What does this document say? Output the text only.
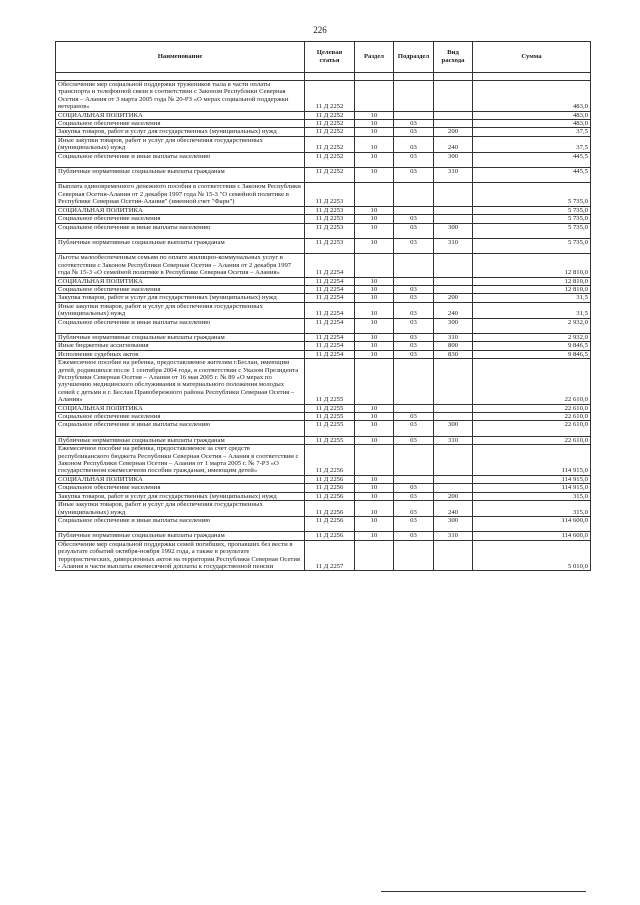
226
Наименование	Целевая статья	Раздел	Подраздел	Вид расхода	Сумма

Обеспечение мер социальной поддержки тружеников тыла в части оплаты транспорта и телефонной связи в соответствии с Законом Республики Северная Осетия – Алания от 3 марта 2005 года № 20-РЗ «О мерах социальной поддержки ветеранов»	11 Д 2252				483,0
СОЦИАЛЬНАЯ ПОЛИТИКА	11 Д 2252	10			483,0
Социальное обеспечение населения	11 Д 2252	10	03		483,0
Закупка товаров, работ и услуг для государственных (муниципальных) нужд	11 Д 2252	10	03	200	37,5
Иные закупки товаров, работ и услуг для обеспечения государственных (муниципальных) нужд	11 Д 2252	10	03	240	37,5
Социальное обеспечение и иные выплаты населению	11 Д 2252	10	03	300	445,5

Публичные нормативные социальные выплаты гражданам	11 Д 2252	10	03	310	445,5

Выплата единовременного денежного пособия в соответствии с Законом Республики Северная Осетия-Алания от 2 декабря 1997 года № 15-3 "О семейной политике в Республике Северная Осетия-Алания" (именной счет "Фарн")	11 Д 2253				5 735,0
СОЦИАЛЬНАЯ ПОЛИТИКА	11 Д 2253	10			5 735,0
Социальное обеспечение населения	11 Д 2253	10	03		5 735,0
Социальное обеспечение и иные выплаты населению	11 Д 2253	10	03	300	5 735,0

Публичные нормативные социальные выплаты гражданам	11 Д 2253	10	03	310	5 735,0

Льготы малообеспеченным семьям по оплате жилищно-коммунальных услуг в соответствии с Законом Республики Северная Осетия – Алания от 2 декабря 1997 года № 15-3 «О семейной политике в Республике Северная Осетия – Алания»	11 Д 2254				12 810,0
СОЦИАЛЬНАЯ ПОЛИТИКА	11 Д 2254	10			12 810,0
Социальное обеспечение населения	11 Д 2254	10	03		12 810,0
Закупка товаров, работ и услуг для государственных (муниципальных) нужд	11 Д 2254	10	03	200	31,5
Иные закупки товаров, работ и услуг для обеспечения государственных (муниципальных) нужд	11 Д 2254	10	03	240	31,5
Социальное обеспечение и иные выплаты населению	11 Д 2254	10	03	300	2 932,0

Публичные нормативные социальные выплаты гражданам	11 Д 2254	10	03	310	2 932,0
Иные бюджетные ассигнования	11 Д 2254	10	03	800	9 846,5
Исполнение судебных актов	11 Д 2254	10	03	830	9 846,5
Ежемесячное пособие на ребенка, предоставляемое жителям г.Беслан, имеющим детей, родившихся после 1 сентября 2004 года, в соответствии с Указом Президента Республики Северная Осетия – Алания от 16 мая 2005 г. № 89 «О мерах по улучшению медицинского обслуживания и материального положения молодых семей с детьми в г. Беслан Правобережного района Республики Северная Осетия – Алания»	11 Д 2255				22 610,0
СОЦИАЛЬНАЯ ПОЛИТИКА	11 Д 2255	10			22 610,0
Социальное обеспечение населения	11 Д 2255	10	03		22 610,0
Социальное обеспечение и иные выплаты населению	11 Д 2255	10	03	300	22 610,0

Публичные нормативные социальные выплаты гражданам	11 Д 2255	10	03	310	22 610,0
Ежемесячное пособие на ребенка, предоставляемое за счет средств республиканского бюджета Республики Северная Осетия – Алания в соответствии с Законом Республики Северная Осетия – Алания от 1 марта 2005 г. № 7-РЗ «О государственном ежемесячном пособии гражданам, имеющим детей»	11 Д 2256				114 915,0
СОЦИАЛЬНАЯ ПОЛИТИКА	11 Д 2256	10			114 915,0
Социальное обеспечение населения	11 Д 2256	10	03		114 915,0
Закупка товаров, работ и услуг для государственных (муниципальных) нужд	11 Д 2256	10	03	200	315,0
Иные закупки товаров, работ и услуг для обеспечения государственных (муниципальных) нужд	11 Д 2256	10	03	240	315,0
Социальное обеспечение и иные выплаты населению	11 Д 2256	10	03	300	114 600,0

Публичные нормативные социальные выплаты гражданам	11 Д 2256	10	03	310	114 600,0
Обеспечение мер социальной поддержки семей погибших, пропавших без вести в результате событий октября-ноября 1992 года, а также в результате террористических, диверсионных актов на территории Республики Северная Осетия - Алания в части выплаты ежемесячной доплаты к государственной пенсии	11 Д 2257				5 010,0
